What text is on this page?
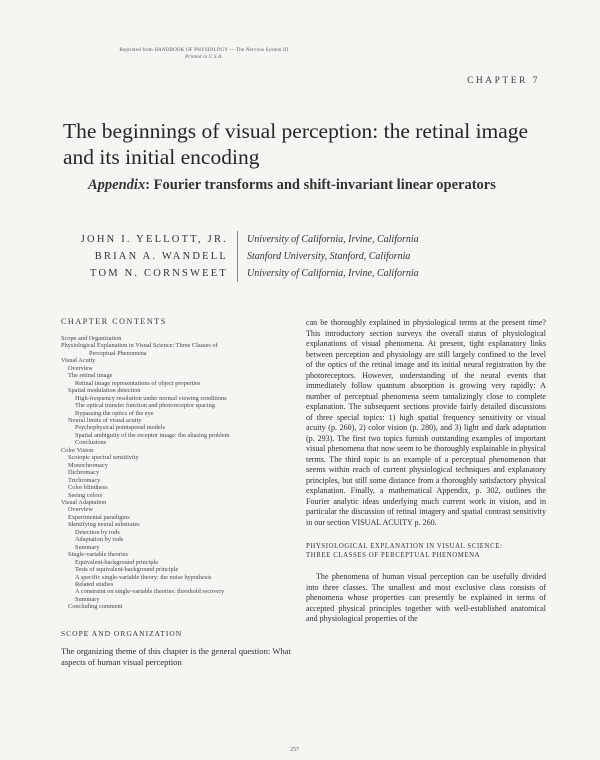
Reprinted from HANDBOOK OF PHYSIOLOGY — The Nervous System III
Printed in U.S.A.
CHAPTER 7
The beginnings of visual perception: the retinal image and its initial encoding
Appendix: Fourier transforms and shift-invariant linear operators
JOHN I. YELLOTT, JR.	University of California, Irvine, California
BRIAN A. WANDELL	Stanford University, Stanford, California
TOM N. CORNSWEET	University of California, Irvine, California
CHAPTER CONTENTS
Scope and Organization
Physiological Explanation in Visual Science: Three Classes of
Perceptual Phenomena
Visual Acuity
Overview
The retinal image
Retinal image representations of object properties
Spatial modulation detection
High-frequency resolution under normal viewing conditions
The optical transfer function and photoreceptor spacing
Bypassing the optics of the eye
Neural limits of visual acuity
Psychophysical pointspread models
Spatial ambiguity of the receptor image: the aliasing problem
Conclusions
Color Vision
Scotopic spectral sensitivity
Monochromacy
Dichromacy
Trichromacy
Color blindness
Seeing colors
Visual Adaptation
Overview
Experimental paradigms
Identifying neural substrates
Detection by rods
Adaptation by rods
Summary
Single-variable theories
Equivalent-background principle
Tests of equivalent-background principle
A specific single-variable theory: the noise hypothesis
Related studies
A constraint on single-variable theories: threshold recovery
Summary
Concluding comment
SCOPE AND ORGANIZATION
The organizing theme of this chapter is the general question: What aspects of human visual perception

can be thoroughly explained in physiological terms at the present time? This introductory section surveys the overall status of physiological explanations of visual phenomena. At present, tight explanatory links between perception and physiology are still largely confined to the level of the optics of the retinal image and its initial neural registration by the photoreceptors. However, understanding of the neural events that immediately follow quantum absorption is growing very rapidly: A number of perceptual phenomena seem tantalizingly close to complete explanation. The subsequent sections provide fairly detailed discussions of three special topics: 1) high spatial frequency sensitivity or visual acuity (p. 260), 2) color vision (p. 280), and 3) light and dark adaptation (p. 293). The first two topics furnish outstanding examples of important visual phenomena that now seem to be thoroughly explainable in physical terms. The third topic is an example of a perceptual phenomenon that seems within reach of current physiological techniques and explanatory principles, but still some distance from a thoroughly satisfactory physical explanation. Finally, a mathematical Appendix, p. 302, outlines the Fourier analytic ideas underlying much current work in vision, and in particular the discussion of retinal imagery and spatial contrast sensitivity in our section VISUAL ACUITY p. 260.

PHYSIOLOGICAL EXPLANATION IN VISUAL SCIENCE:
THREE CLASSES OF PERCEPTUAL PHENOMENA

The phenomena of human visual perception can be usefully divided into three classes. The smallest and most exclusive class consists of phenomena whose properties can presently be explained in terms of accepted physical principles together with well-established anatomical and physiological properties of the

257
